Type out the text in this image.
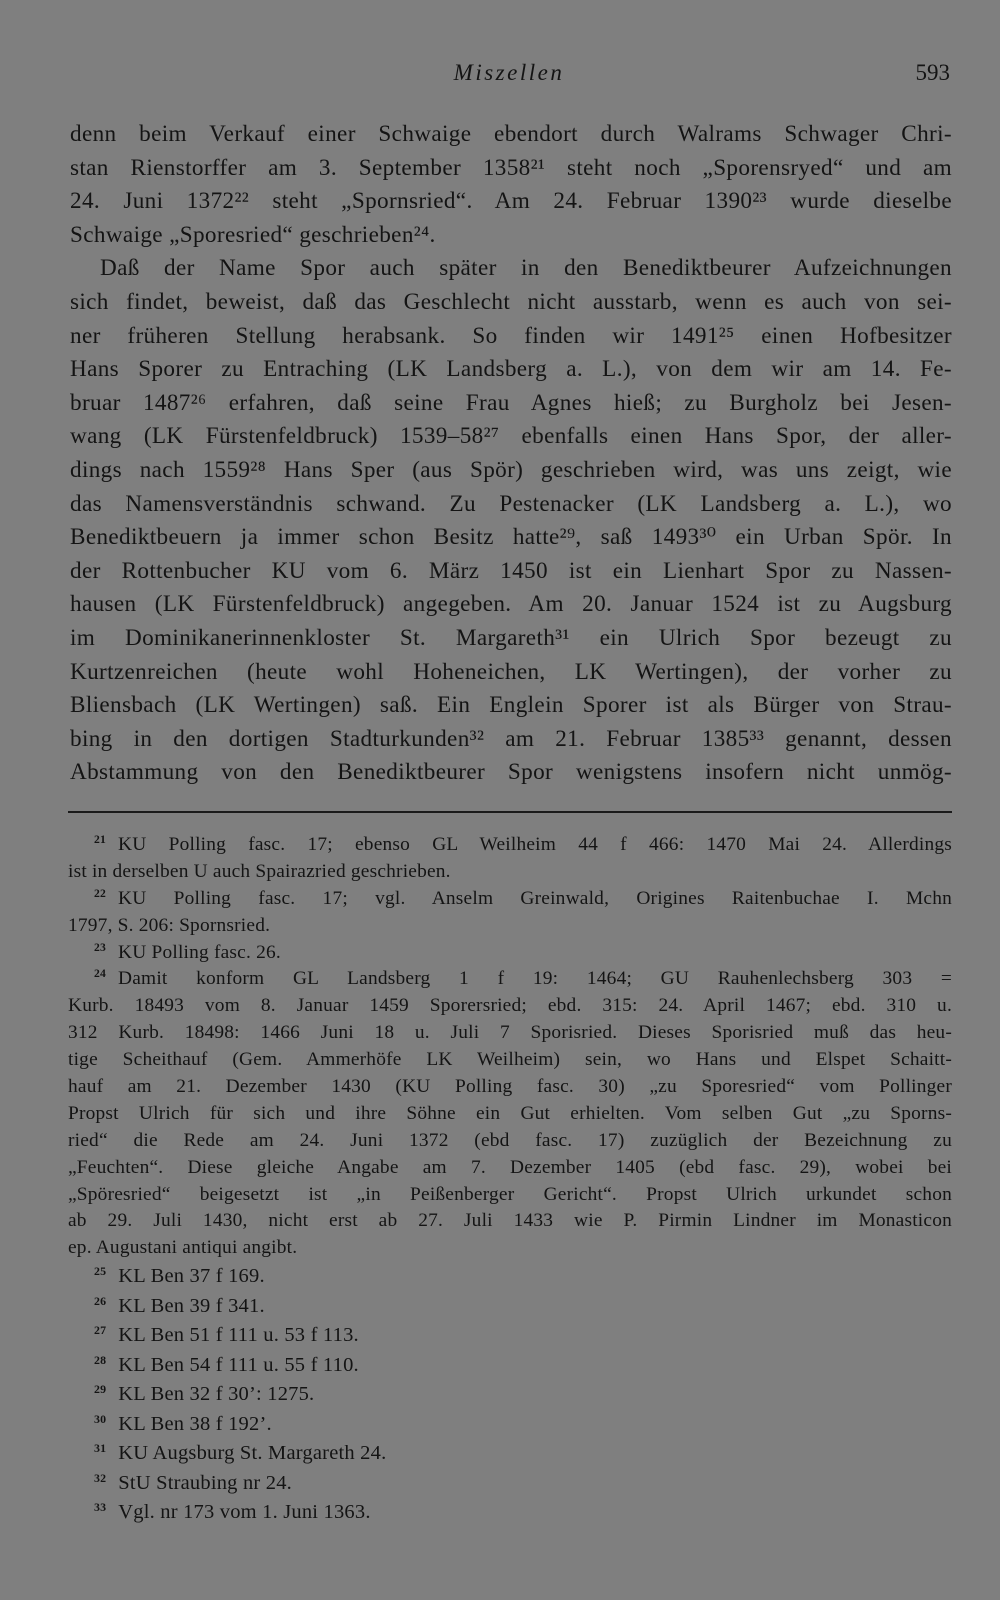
Miszellen	593
denn beim Verkauf einer Schwaige ebendort durch Walrams Schwager Chri-
stan Rienstorffer am 3. September 1358²¹ steht noch „Sporensryed“ und am
24. Juni 1372²² steht „Spornsried“. Am 24. Februar 1390²³ wurde dieselbe
Schwaige „Sporesried“ geschrieben²⁴.
Daß der Name Spor auch später in den Benediktbeurer Aufzeichnungen
sich findet, beweist, daß das Geschlecht nicht ausstarb, wenn es auch von sei-
ner früheren Stellung herabsank. So finden wir 1491²⁵ einen Hofbesitzer
Hans Sporer zu Entraching (LK Landsberg a. L.), von dem wir am 14. Fe-
bruar 1487²⁶ erfahren, daß seine Frau Agnes hieß; zu Burgholz bei Jesen-
wang (LK Fürstenfeldbruck) 1539–58²⁷ ebenfalls einen Hans Spor, der aller-
dings nach 1559²⁸ Hans Sper (aus Spör) geschrieben wird, was uns zeigt, wie
das Namensverständnis schwand. Zu Pestenacker (LK Landsberg a. L.), wo
Benediktbeuern ja immer schon Besitz hatte²⁹, saß 1493³⁰ ein Urban Spör. In
der Rottenbucher KU vom 6. März 1450 ist ein Lienhart Spor zu Nassen-
hausen (LK Fürstenfeldbruck) angegeben. Am 20. Januar 1524 ist zu Augsburg
im Dominikanerinnenkloster St. Margareth³¹ ein Ulrich Spor bezeugt zu
Kurtzenreichen (heute wohl Hoheneichen, LK Wertingen), der vorher zu
Bliensbach (LK Wertingen) saß. Ein Englein Sporer ist als Bürger von Strau-
bing in den dortigen Stadturkunden³² am 21. Februar 1385³³ genannt, dessen
Abstammung von den Benediktbeurer Spor wenigstens insofern nicht unmög-
$^{21}$ KU Polling fasc. 17; ebenso GL Weilheim 44 f 466: 1470 Mai 24. Allerdings
ist in derselben U auch Spairazried geschrieben.
$^{22}$ KU Polling fasc. 17; vgl. Anselm Greinwald, Origines Raitenbuchae I. Mchn
1797, S. 206: Spornsried.
$^{23}$ KU Polling fasc. 26.
$^{24}$ Damit konform GL Landsberg 1 f 19: 1464; GU Rauhenlechsberg 303 =
Kurb. 18493 vom 8. Januar 1459 Sporersried; ebd. 315: 24. April 1467; ebd. 310 u.
312 Kurb. 18498: 1466 Juni 18 u. Juli 7 Sporisried. Dieses Sporisried muß das heu-
tige Scheithauf (Gem. Ammerhöfe LK Weilheim) sein, wo Hans und Elspet Schaitt-
hauf am 21. Dezember 1430 (KU Polling fasc. 30) „zu Sporesried“ vom Pollinger
Propst Ulrich für sich und ihre Söhne ein Gut erhielten. Vom selben Gut „zu Sporns-
ried“ die Rede am 24. Juni 1372 (ebd fasc. 17) zuzüglich der Bezeichnung zu
„Feuchten“. Diese gleiche Angabe am 7. Dezember 1405 (ebd fasc. 29), wobei bei
„Spöresried“ beigesetzt ist „in Peißenberger Gericht“. Propst Ulrich urkundet schon
ab 29. Juli 1430, nicht erst ab 27. Juli 1433 wie P. Pirmin Lindner im Monasticon
ep. Augustani antiqui angibt.
$^{25}$ KL Ben 37 f 169.
$^{26}$ KL Ben 39 f 341.
$^{27}$ KL Ben 51 f 111 u. 53 f 113.
$^{28}$ KL Ben 54 f 111 u. 55 f 110.
$^{29}$ KL Ben 32 f 30’: 1275.
$^{30}$ KL Ben 38 f 192’.
$^{31}$ KU Augsburg St. Margareth 24.
$^{32}$ StU Straubing nr 24.
$^{33}$ Vgl. nr 173 vom 1. Juni 1363.
